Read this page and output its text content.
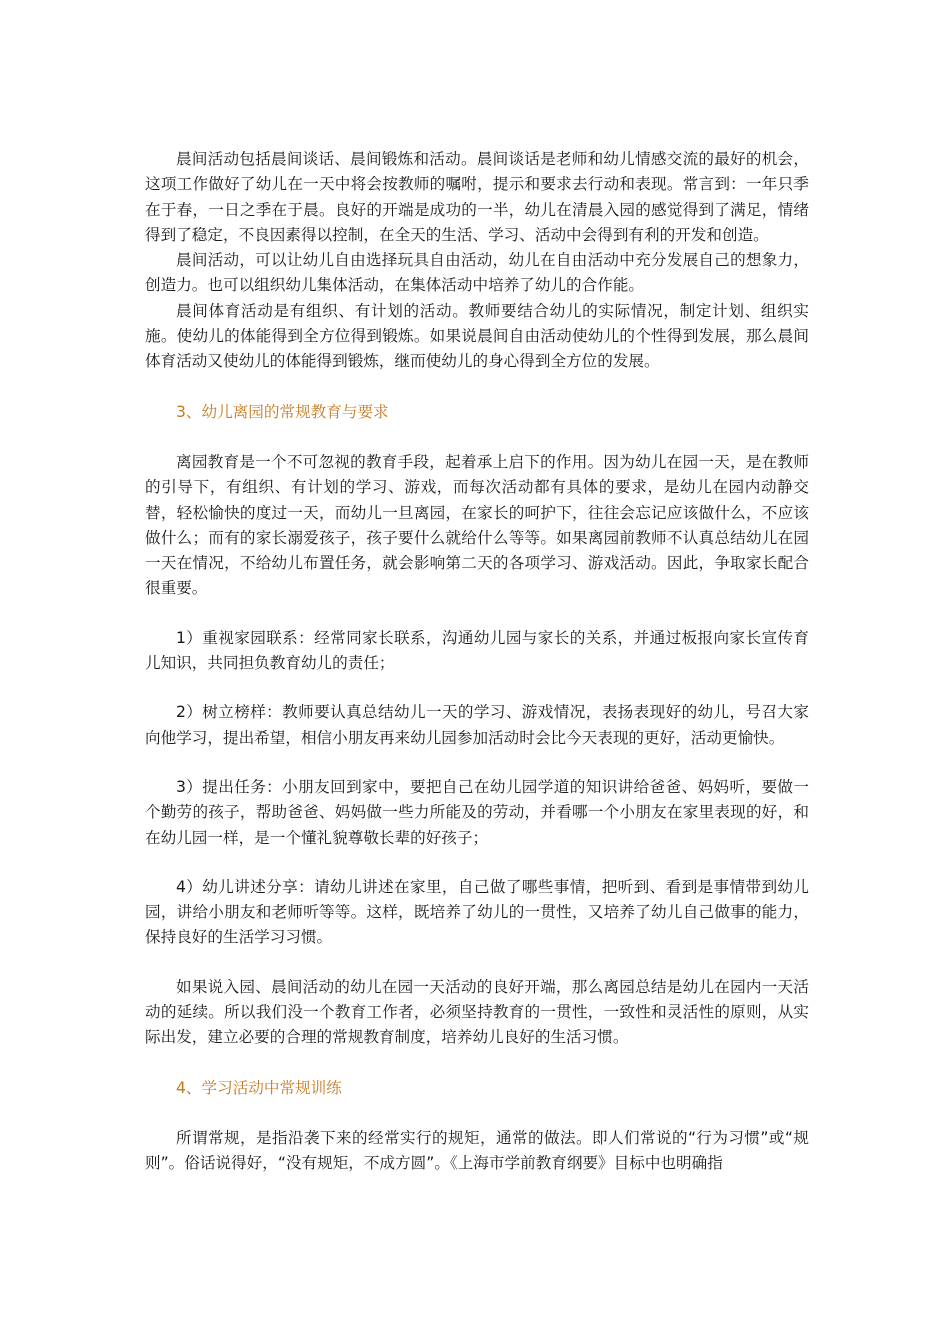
晨间活动包括晨间谈话、晨间锻炼和活动。晨间谈话是老师和幼儿情感交流的最好的机会，这项工作做好了幼儿在一天中将会按教师的嘱咐，提示和要求去行动和表现。常言到：一年只季在于春，一日之季在于晨。良好的开端是成功的一半，幼儿在清晨入园的感觉得到了满足，情绪得到了稳定，不良因素得以控制，在全天的生活、学习、活动中会得到有利的开发和创造。

晨间活动，可以让幼儿自由选择玩具自由活动，幼儿在自由活动中充分发展自己的想象力，创造力。也可以组织幼儿集体活动，在集体活动中培养了幼儿的合作能。

晨间体育活动是有组织、有计划的活动。教师要结合幼儿的实际情况，制定计划、组织实施。使幼儿的体能得到全方位得到锻炼。如果说晨间自由活动使幼儿的个性得到发展，那么晨间体育活动又使幼儿的体能得到锻炼，继而使幼儿的身心得到全方位的发展。

3、幼儿离园的常规教育与要求

离园教育是一个不可忽视的教育手段，起着承上启下的作用。因为幼儿在园一天，是在教师的引导下，有组织、有计划的学习、游戏，而每次活动都有具体的要求，是幼儿在园内动静交替，轻松愉快的度过一天，而幼儿一旦离园，在家长的呵护下，往往会忘记应该做什么，不应该做什么；而有的家长溺爱孩子，孩子要什么就给什么等等。如果离园前教师不认真总结幼儿在园一天在情况，不给幼儿布置任务，就会影响第二天的各项学习、游戏活动。因此，争取家长配合很重要。

1）重视家园联系：经常同家长联系，沟通幼儿园与家长的关系，并通过板报向家长宣传育儿知识，共同担负教育幼儿的责任；

2）树立榜样：教师要认真总结幼儿一天的学习、游戏情况，表扬表现好的幼儿，号召大家向他学习，提出希望，相信小朋友再来幼儿园参加活动时会比今天表现的更好，活动更愉快。

3）提出任务：小朋友回到家中，要把自己在幼儿园学道的知识讲给爸爸、妈妈听，要做一个勤劳的孩子，帮助爸爸、妈妈做一些力所能及的劳动，并看哪一个小朋友在家里表现的好，和在幼儿园一样，是一个懂礼貌尊敬长辈的好孩子；

4）幼儿讲述分享：请幼儿讲述在家里，自己做了哪些事情，把听到、看到是事情带到幼儿园，讲给小朋友和老师听等等。这样，既培养了幼儿的一贯性，又培养了幼儿自己做事的能力，保持良好的生活学习习惯。

如果说入园、晨间活动的幼儿在园一天活动的良好开端，那么离园总结是幼儿在园内一天活动的延续。所以我们没一个教育工作者，必须坚持教育的一贯性，一致性和灵活性的原则，从实际出发，建立必要的合理的常规教育制度，培养幼儿良好的生活习惯。

4、学习活动中常规训练

所谓常规，是指沿袭下来的经常实行的规矩，通常的做法。即人们常说的“行为习惯”或“规则”。俗话说得好，“没有规矩，不成方圆”。《上海市学前教育纲要》目标中也明确指
